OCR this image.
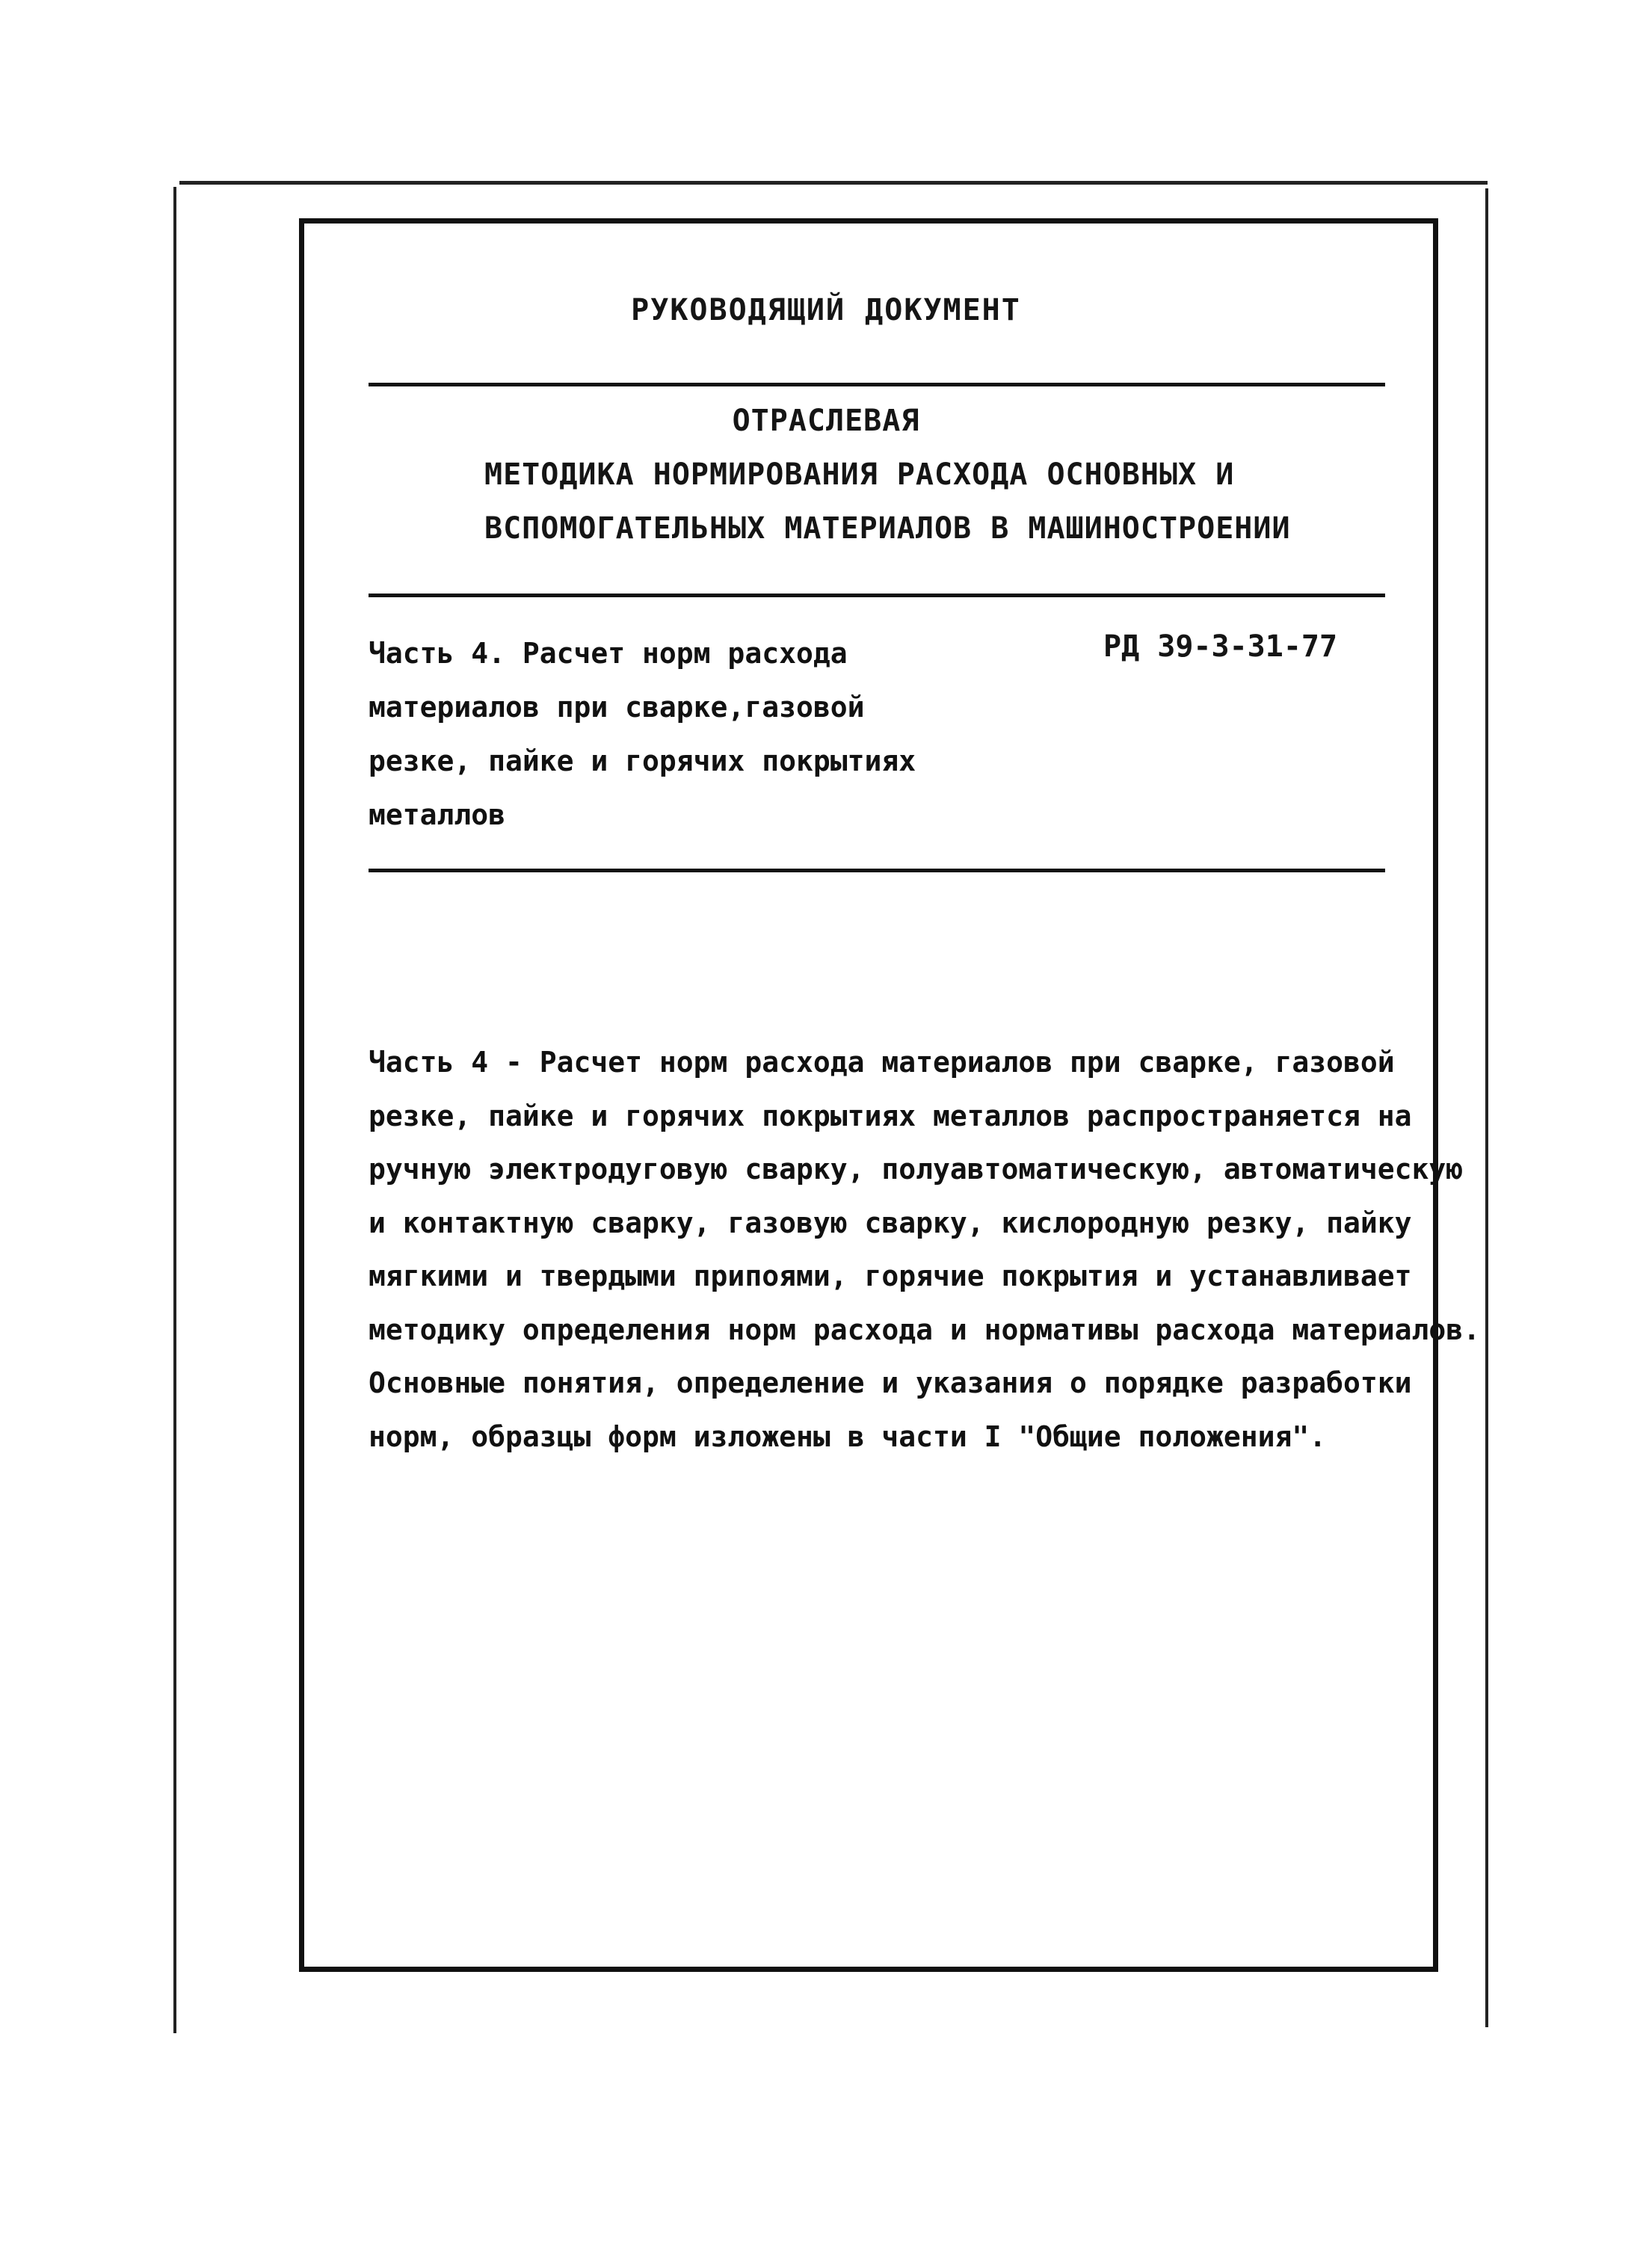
РУКОВОДЯЩИЙ ДОКУМЕНТ

ОТРАСЛЕВАЯ

МЕТОДИКА НОРМИРОВАНИЯ РАСХОДА ОСНОВНЫХ И

ВСПОМОГАТЕЛЬНЫХ МАТЕРИАЛОВ В МАШИНОСТРОЕНИИ

Часть 4. Расчет норм расхода

материалов при сварке,газовой

резке, пайке и горячих покрытиях

металлов

РД 39-3-31-77

Часть 4 - Расчет норм расхода материалов при сварке, газовой

резке, пайке и горячих покрытиях металлов распространяется на

ручную электродуговую сварку, полуавтоматическую, автоматическую

и контактную сварку, газовую сварку, кислородную резку, пайку

мягкими и твердыми припоями, горячие покрытия и устанавливает

методику определения норм расхода и нормативы расхода материалов.

Основные понятия, определение и указания о порядке разработки

норм, образцы форм изложены в части I "Общие положения".
